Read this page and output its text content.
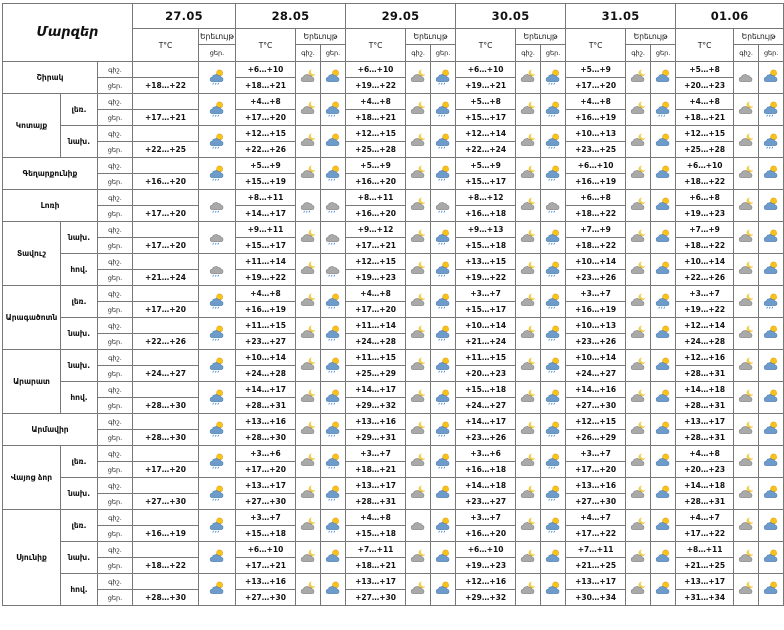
Մարզեր			27.05		28.05			29.05			30.05			31.05			01.06		
			T°C	Երեւույթ	T°C	Երեւույթ		T°C	Երեւույթ		T°C	Երեւույթ		T°C	Երեւույթ		T°C	Երեւույթ	
				ցեր.		գիշ.	ցեր.		գիշ.	ցեր.		գիշ.	ցեր.		գիշ.	ցեր.		գիշ.	ցեր.
Շիրակ		գիշ.			+6…+10			+6…+10			+6…+10			+5…+9			+5…+8		
		ցեր.	+18…+22		+18…+21			+19…+22			+19…+21			+17…+20			+20…+23		
Կոտայք	լեռ.	գիշ.			+4…+8			+4…+8			+5…+8			+4…+8			+4…+8		
		ցեր.	+17…+21		+17…+20			+18…+21			+15…+17			+16…+19			+18…+21		
	նախ.	գիշ.			+12…+15			+12…+15			+12…+14			+10…+13			+12…+15		
		ցեր.	+22…+25		+22…+26			+25…+28			+22…+24			+23…+25			+25…+28		
Գեղարքունիք		գիշ.			+5…+9			+5…+9			+5…+9			+6…+10			+6…+10		
		ցեր.	+16…+20		+15…+19			+16…+20			+15…+17			+16…+19			+18…+22		
Լոռի		գիշ.			+8…+11			+8…+11			+8…+12			+6…+8			+6…+8		
		ցեր.	+17…+20		+14…+17			+16…+20			+16…+18			+18…+22			+19…+23		
Տավուշ	նախ.	գիշ.			+9…+11			+9…+12			+9…+13			+7…+9			+7…+9		
		ցեր.	+17…+20		+15…+17			+17…+21			+15…+18			+18…+22			+18…+22		
	հով.	գիշ.			+11…+14			+12…+15			+13…+15			+10…+14			+10…+14		
		ցեր.	+21…+24		+19…+22			+19…+23			+19…+22			+23…+26			+22…+26		
Արագածոտն	լեռ.	գիշ.			+4…+8			+4…+8			+3…+7			+3…+7			+3…+7		
		ցեր.	+17…+20		+16…+19			+17…+20			+15…+17			+16…+19			+19…+22		
	նախ.	գիշ.			+11…+15			+11…+14			+10…+14			+10…+13			+12…+14		
		ցեր.	+22…+26		+23…+27			+24…+28			+21…+24			+23…+26			+24…+28		
Արարատ	նախ.	գիշ.			+10…+14			+11…+15			+11…+15			+10…+14			+12…+16		
		ցեր.	+24…+27		+24…+28			+25…+29			+20…+23			+24…+27			+28…+31		
	հով.	գիշ.			+14…+17			+14…+17			+15…+18			+14…+16			+14…+18		
		ցեր.	+28…+30		+28…+31			+29…+32			+24…+27			+27…+30			+28…+31		
Արմավիր		գիշ.			+13…+16			+13…+16			+14…+17			+12…+15			+13…+17		
		ցեր.	+28…+30		+28…+30			+29…+31			+23…+26			+26…+29			+28…+31		
Վայոց ձոր	լեռ.	գիշ.			+3…+6			+3…+7			+3…+6			+3…+7			+4…+8		
		ցեր.	+17…+20		+17…+20			+18…+21			+16…+18			+17…+20			+20…+23		
	նախ.	գիշ.			+13…+17			+13…+17			+14…+18			+13…+16			+14…+18		
		ցեր.	+27…+30		+27…+30			+28…+31			+23…+27			+27…+30			+28…+31		
Սյունիք	լեռ.	գիշ.			+3…+7			+4…+8			+3…+7			+4…+7			+4…+7		
		ցեր.	+16…+19		+15…+18			+15…+18			+16…+20			+17…+22			+17…+22		
	նախ.	գիշ.			+6…+10			+7…+11			+6…+10			+7…+11			+8…+11		
		ցեր.	+18…+22		+17…+21			+18…+21			+19…+23			+21…+25			+21…+25		
	հով.	գիշ.			+13…+16			+13…+17			+12…+16			+13…+17			+13…+17		
		ցեր.	+28…+30		+27…+30			+27…+30			+29…+32			+30…+34			+31…+34		
